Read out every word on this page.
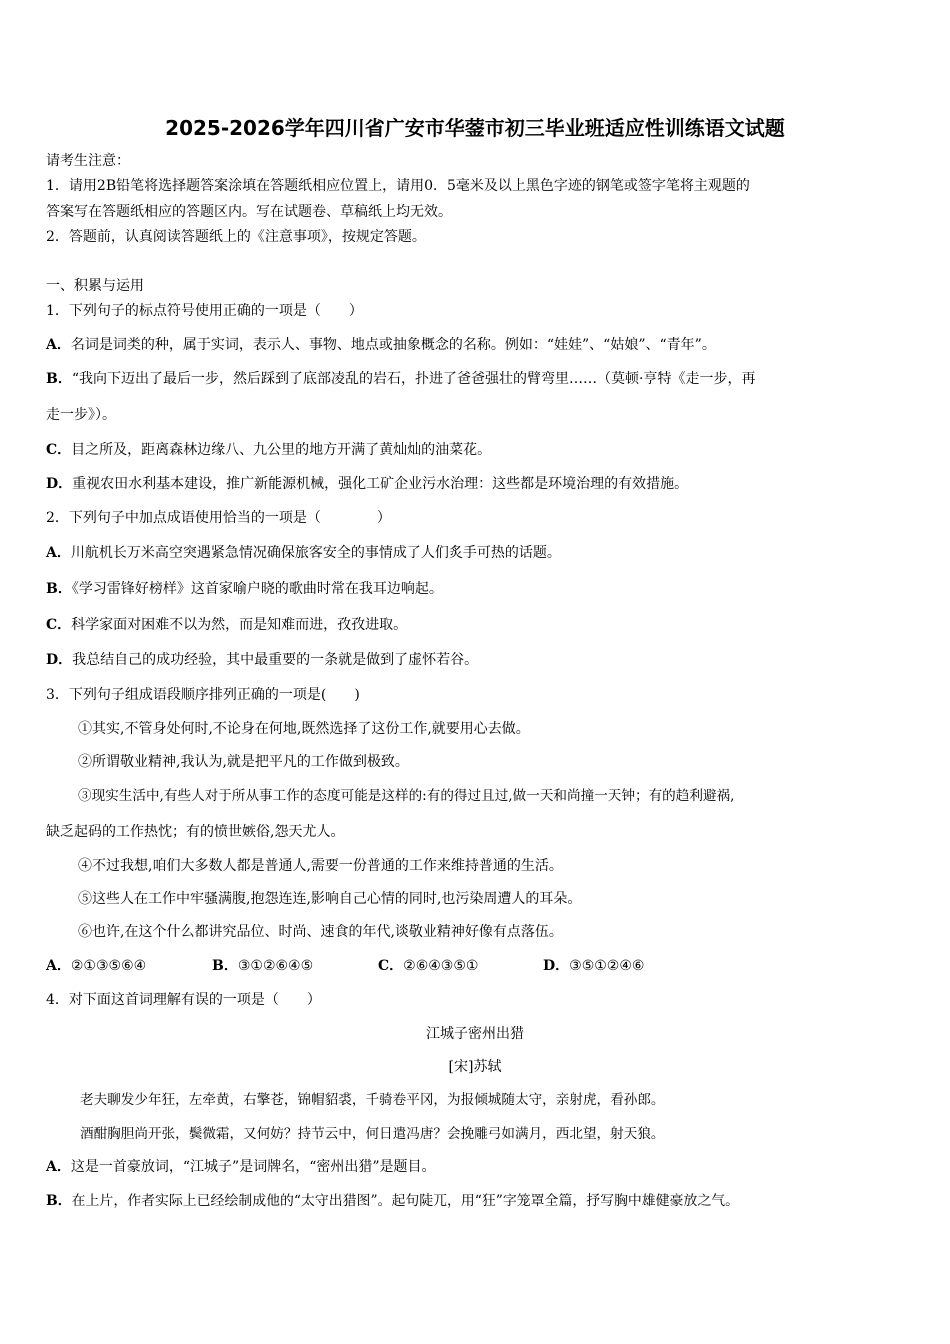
2025-2026学年四川省广安市华蓥市初三毕业班适应性训练语文试题
请考生注意：
1．请用2B铅笔将选择题答案涂填在答题纸相应位置上，请用0．5毫米及以上黑色字迹的钢笔或签字笔将主观题的
答案写在答题纸相应的答题区内。写在试题卷、草稿纸上均无效。
2．答题前，认真阅读答题纸上的《注意事项》，按规定答题。
一、积累与运用
1．下列句子的标点符号使用正确的一项是（　　）
A．名词是词类的种，属于实词，表示人、事物、地点或抽象概念的名称。例如：“娃娃”、“姑娘”、“青年”。
B．“我向下迈出了最后一步，然后踩到了底部凌乱的岩石，扑进了爸爸强壮的臂弯里……（莫顿·亨特《走一步，再
走一步》）。
C．目之所及，距离森林边缘八、九公里的地方开满了黄灿灿的油菜花。
D．重视农田水利基本建设，推广新能源机械，强化工矿企业污水治理：这些都是环境治理的有效措施。
2．下列句子中加点成语使用恰当的一项是（　　　　）
A．川航机长万米高空突遇紧急情况确保旅客安全的事情成了人们炙手可热的话题。
B．《学习雷锋好榜样》这首家喻户晓的歌曲时常在我耳边响起。
C．科学家面对困难不以为然，而是知难而进，孜孜进取。
D．我总结自己的成功经验，其中最重要的一条就是做到了虚怀若谷。
3．下列句子组成语段顺序排列正确的一项是(　　)
①其实,不管身处何时,不论身在何地,既然选择了这份工作,就要用心去做。
②所谓敬业精神,我认为,就是把平凡的工作做到极致。
③现实生活中,有些人对于所从事工作的态度可能是这样的:有的得过且过,做一天和尚撞一天钟；有的趋利避祸,
缺乏起码的工作热忱；有的愤世嫉俗,怨天尤人。
④不过我想,咱们大多数人都是普通人,需要一份普通的工作来维持普通的生活。
⑤这些人在工作中牢骚满腹,抱怨连连,影响自己心情的同时,也污染周遭人的耳朵。
⑥也许,在这个什么都讲究品位、时尚、速食的年代,谈敬业精神好像有点落伍。
A．②①③⑤⑥④	B．③①②⑥④⑤	C．②⑥④③⑤①	D．③⑤①②④⑥
4．对下面这首词理解有误的一项是（　　）
江城子密州出猎
[宋]苏轼
老夫聊发少年狂，左牵黄，右擎苍，锦帽貂裘，千骑卷平冈，为报倾城随太守，亲射虎，看孙郎。
酒酣胸胆尚开张，鬓微霜，又何妨？持节云中，何日遣冯唐？会挽雕弓如满月，西北望，射天狼。
A．这是一首豪放词，“江城子”是词牌名，“密州出猎”是题目。
B．在上片，作者实际上已经绘制成他的“太守出猎图”。起句陡兀，用“狂”字笼罩全篇，抒写胸中雄健豪放之气。
